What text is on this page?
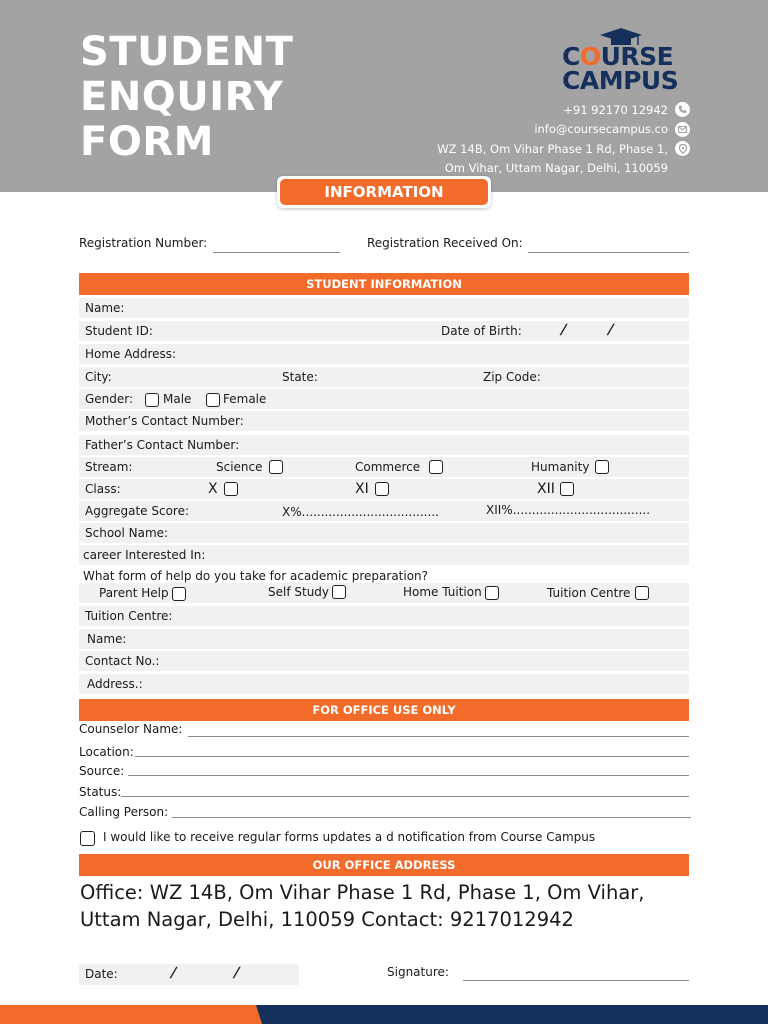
STUDENT
ENQUIRY
FORM
COURSE
CAMPUS
+91 92170 12942
info@coursecampus.co
WZ 14B, Om Vihar Phase 1 Rd, Phase 1,
Om Vihar, Uttam Nagar, Delhi, 110059
INFORMATION
Registration Number:	Registration Received On:
STUDENT INFORMATION
Name:
Student ID:	Date of Birth:	/	/
Home Address:
City:	State:	Zip Code:
Gender: Male	Female
Mother’s Contact Number:
Father’s Contact Number:
Stream:	Science	Commerce	Humanity
Class:	X	XI	XII
Aggregate Score:	X%....................................	XII%....................................
School Name:
career Interested In:
What form of help do you take for academic preparation?
Parent Help	Self Study	Home Tuition	Tuition Centre
Tuition Centre:
Name:
Contact No.:
Address.:
FOR OFFICE USE ONLY
Counselor Name:
Location:
Source:
Status:
Calling Person:
I would like to receive regular forms updates a d notification from Course Campus
OUR OFFICE ADDRESS
Office: WZ 14B, Om Vihar Phase 1 Rd, Phase 1, Om Vihar, Uttam Nagar, Delhi, 110059 Contact: 9217012942
Date:	/	/	Signature:
